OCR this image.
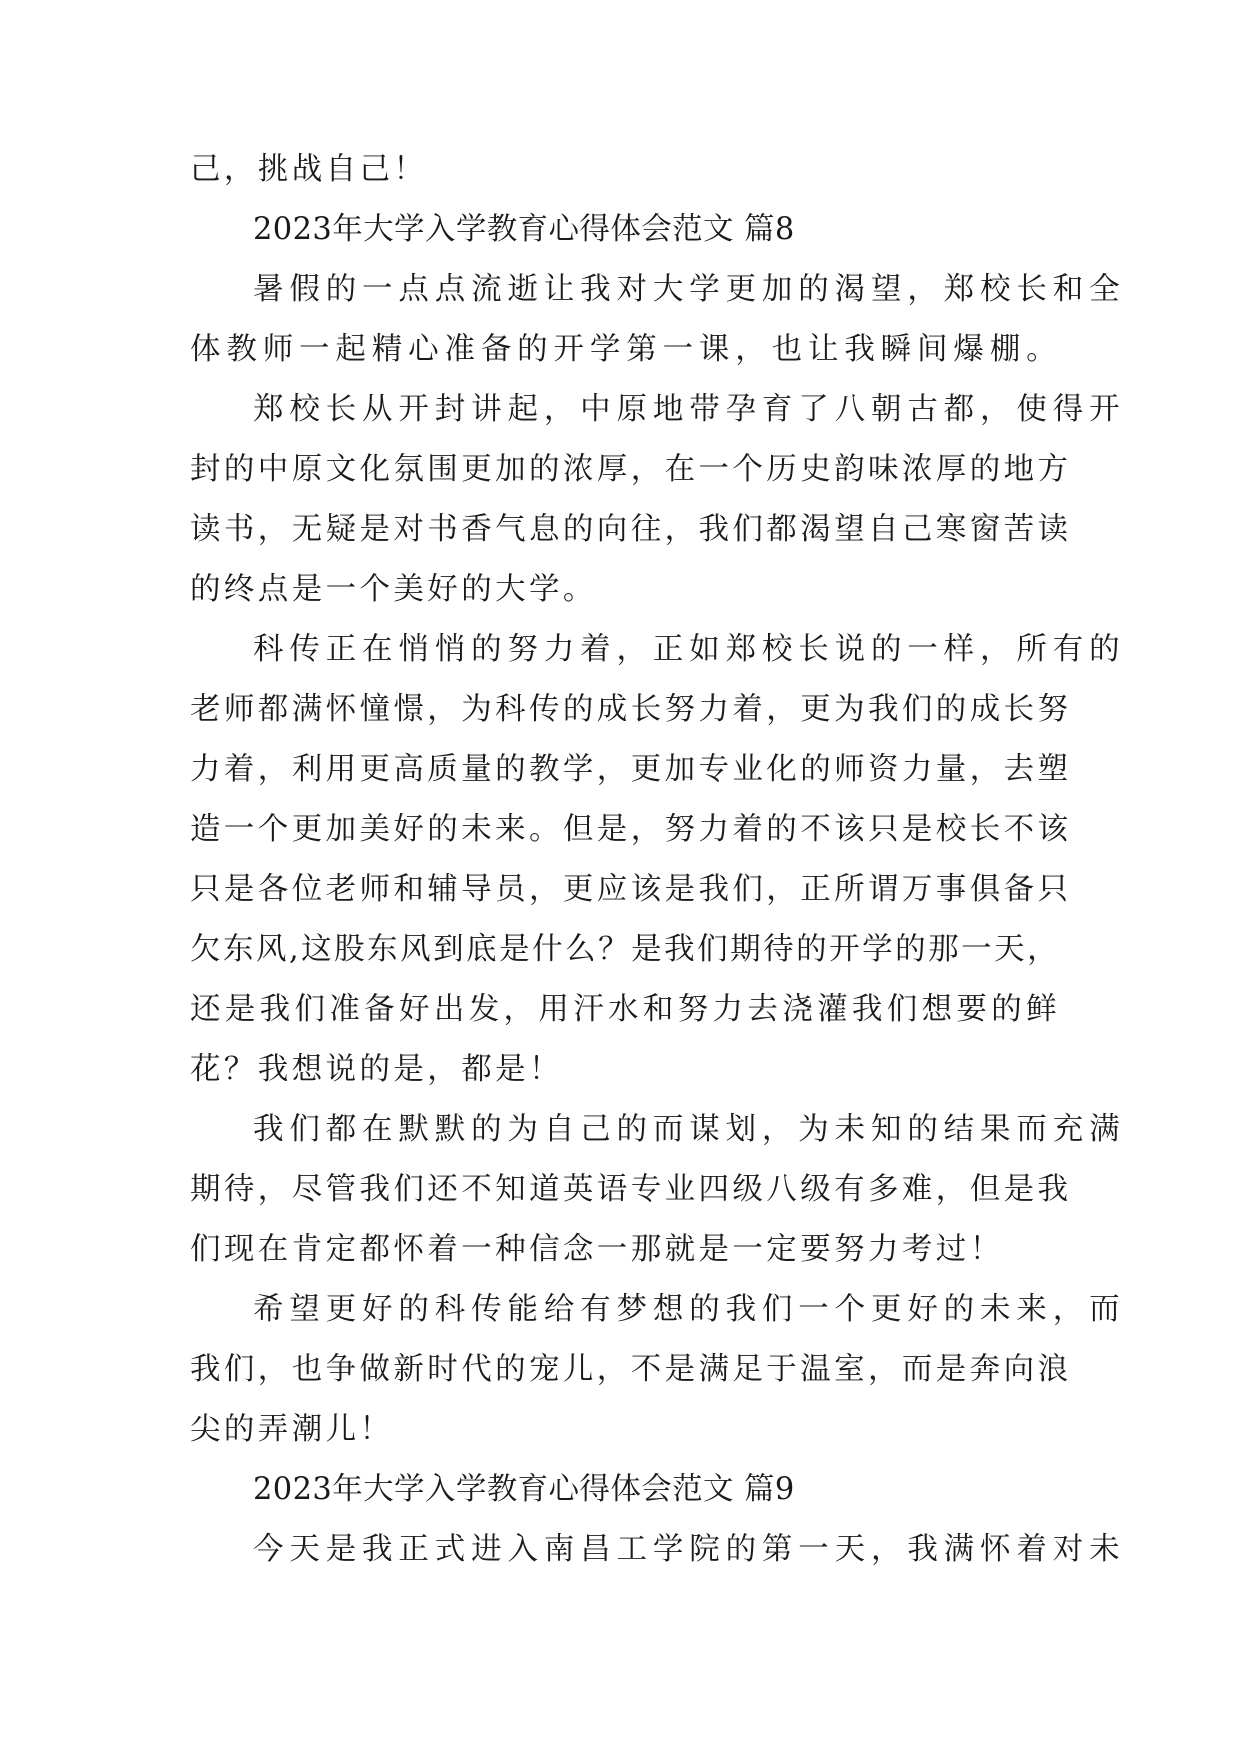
己，挑战自己！
2023年大学入学教育心得体会范文 篇8
暑假的一点点流逝让我对大学更加的渴望，郑校长和全
体教师一起精心准备的开学第一课，也让我瞬间爆棚。
郑校长从开封讲起，中原地带孕育了八朝古都，使得开
封的中原文化氛围更加的浓厚，在一个历史韵味浓厚的地方
读书，无疑是对书香气息的向往，我们都渴望自己寒窗苦读
的终点是一个美好的大学。
科传正在悄悄的努力着，正如郑校长说的一样，所有的
老师都满怀憧憬，为科传的成长努力着，更为我们的成长努
力着，利用更高质量的教学，更加专业化的师资力量，去塑
造一个更加美好的未来。但是，努力着的不该只是校长不该
只是各位老师和辅导员，更应该是我们，正所谓万事俱备只
欠东风,这股东风到底是什么？是我们期待的开学的那一天，
还是我们准备好出发，用汗水和努力去浇灌我们想要的鲜
花？我想说的是，都是！
我们都在默默的为自己的而谋划，为未知的结果而充满
期待，尽管我们还不知道英语专业四级八级有多难，但是我
们现在肯定都怀着一种信念一那就是一定要努力考过！
希望更好的科传能给有梦想的我们一个更好的未来，而
我们，也争做新时代的宠儿，不是满足于温室，而是奔向浪
尖的弄潮儿！
2023年大学入学教育心得体会范文 篇9
今天是我正式进入南昌工学院的第一天，我满怀着对未
